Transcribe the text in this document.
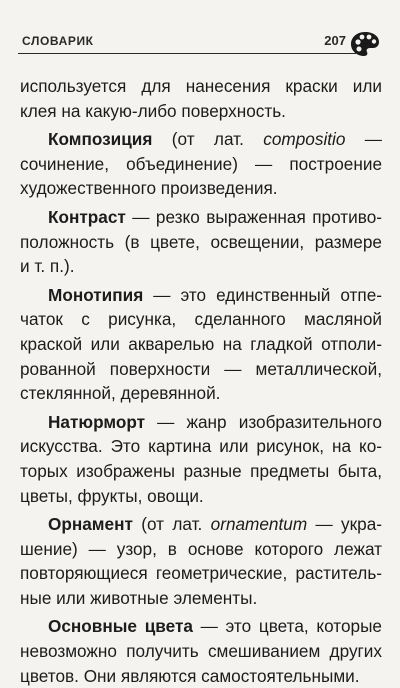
СЛОВАРИК	207
используется для нанесения краски или
клея на какую-либо поверхность.
Композиция (от лат. compositio —
сочинение, объединение) — построение
художественного произведения.
Контраст — резко выраженная противо-
положность (в цвете, освещении, размере
и т. п.).
Монотипия — это единственный отпе-
чаток с рисунка, сделанного масляной
краской или акварелью на гладкой отполи-
рованной поверхности — металлической,
стеклянной, деревянной.
Натюрморт — жанр изобразительного
искусства. Это картина или рисунок, на ко-
торых изображены разные предметы быта,
цветы, фрукты, овощи.
Орнамент (от лат. ornamentum — укра-
шение) — узор, в основе которого лежат
повторяющиеся геометрические, раститель-
ные или животные элементы.
Основные цвета — это цвета, которые
невозможно получить смешиванием других
цветов. Они являются самостоятельными.
